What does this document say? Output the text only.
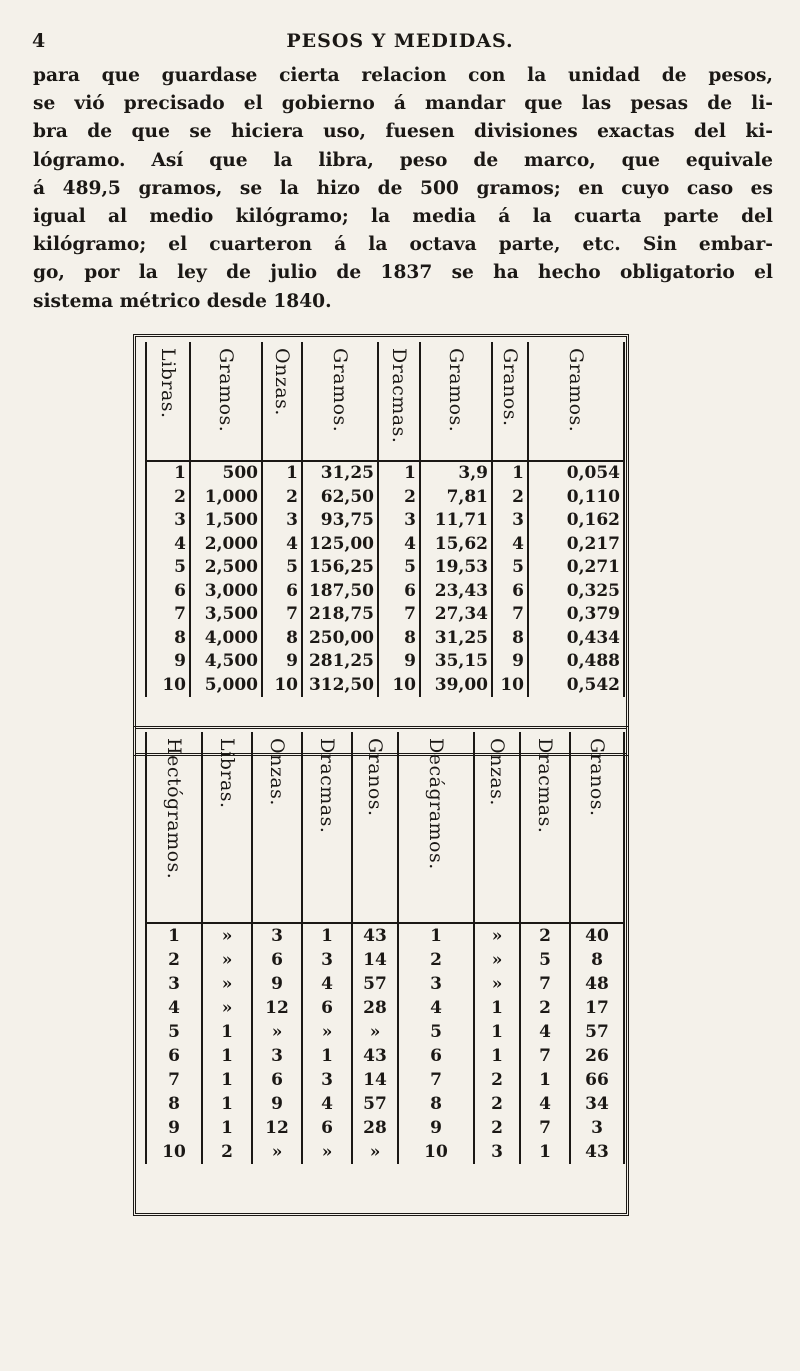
4	PESOS Y MEDIDAS.
para que guardase cierta relacion con la unidad de pesos,
se vió precisado el gobierno á mandar que las pesas de li-
bra de que se hiciera uso, fuesen divisiones exactas del ki-
lógramo. Así que la libra, peso de marco, que equivale
á 489,5 gramos, se la hizo de 500 gramos; en cuyo caso es
igual al medio kilógramo; la media á la cuarta parte del
kilógramo; el cuarteron á la octava parte, etc. Sin embar-
go, por la ley de julio de 1837 se ha hecho obligatorio el
sistema métrico desde 1840.
Libras.	Gramos.	Onzas.	Gramos.	Dracmas.	Gramos.	Granos.	Gramos.

1	500	1	31,25	1	3,9	1	0,054
2	1,000	2	62,50	2	7,81	2	0,110
3	1,500	3	93,75	3	11,71	3	0,162
4	2,000	4	125,00	4	15,62	4	0,217
5	2,500	5	156,25	5	19,53	5	0,271
6	3,000	6	187,50	6	23,43	6	0,325
7	3,500	7	218,75	7	27,34	7	0,379
8	4,000	8	250,00	8	31,25	8	0,434
9	4,500	9	281,25	9	35,15	9	0,488
10	5,000	10	312,50	10	39,00	10	0,542
Hectógramos.	Libras.	Onzas.	Dracmas.	Granos.	Decágramos.	Onzas.	Dracmas.	Granos.

1	»	3	1	43	1	»	2	40
2	»	6	3	14	2	»	5	8
3	»	9	4	57	3	»	7	48
4	»	12	6	28	4	1	2	17
5	1	»	»	»	5	1	4	57
6	1	3	1	43	6	1	7	26
7	1	6	3	14	7	2	1	66
8	1	9	4	57	8	2	4	34
9	1	12	6	28	9	2	7	3
10	2	»	»	»	10	3	1	43
